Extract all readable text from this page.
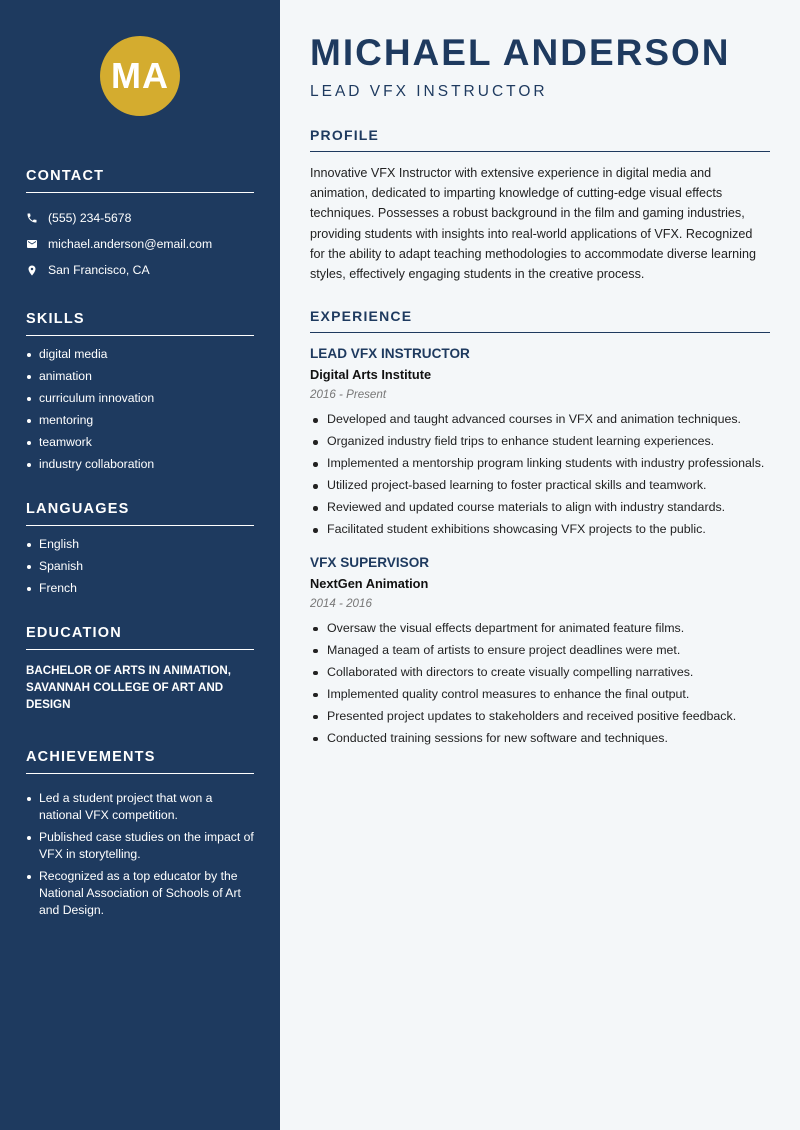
MA
CONTACT
(555) 234-5678
michael.anderson@email.com
San Francisco, CA
SKILLS
digital media
animation
curriculum innovation
mentoring
teamwork
industry collaboration
LANGUAGES
English
Spanish
French
EDUCATION
BACHELOR OF ARTS IN ANIMATION, SAVANNAH COLLEGE OF ART AND DESIGN
ACHIEVEMENTS
Led a student project that won a national VFX competition.
Published case studies on the impact of VFX in storytelling.
Recognized as a top educator by the National Association of Schools of Art and Design.
MICHAEL ANDERSON
LEAD VFX INSTRUCTOR
PROFILE
Innovative VFX Instructor with extensive experience in digital media and animation, dedicated to imparting knowledge of cutting-edge visual effects techniques. Possesses a robust background in the film and gaming industries, providing students with insights into real-world applications of VFX. Recognized for the ability to adapt teaching methodologies to accommodate diverse learning styles, effectively engaging students in the creative process.
EXPERIENCE
LEAD VFX INSTRUCTOR
Digital Arts Institute
2016 - Present
Developed and taught advanced courses in VFX and animation techniques.
Organized industry field trips to enhance student learning experiences.
Implemented a mentorship program linking students with industry professionals.
Utilized project-based learning to foster practical skills and teamwork.
Reviewed and updated course materials to align with industry standards.
Facilitated student exhibitions showcasing VFX projects to the public.
VFX SUPERVISOR
NextGen Animation
2014 - 2016
Oversaw the visual effects department for animated feature films.
Managed a team of artists to ensure project deadlines were met.
Collaborated with directors to create visually compelling narratives.
Implemented quality control measures to enhance the final output.
Presented project updates to stakeholders and received positive feedback.
Conducted training sessions for new software and techniques.
